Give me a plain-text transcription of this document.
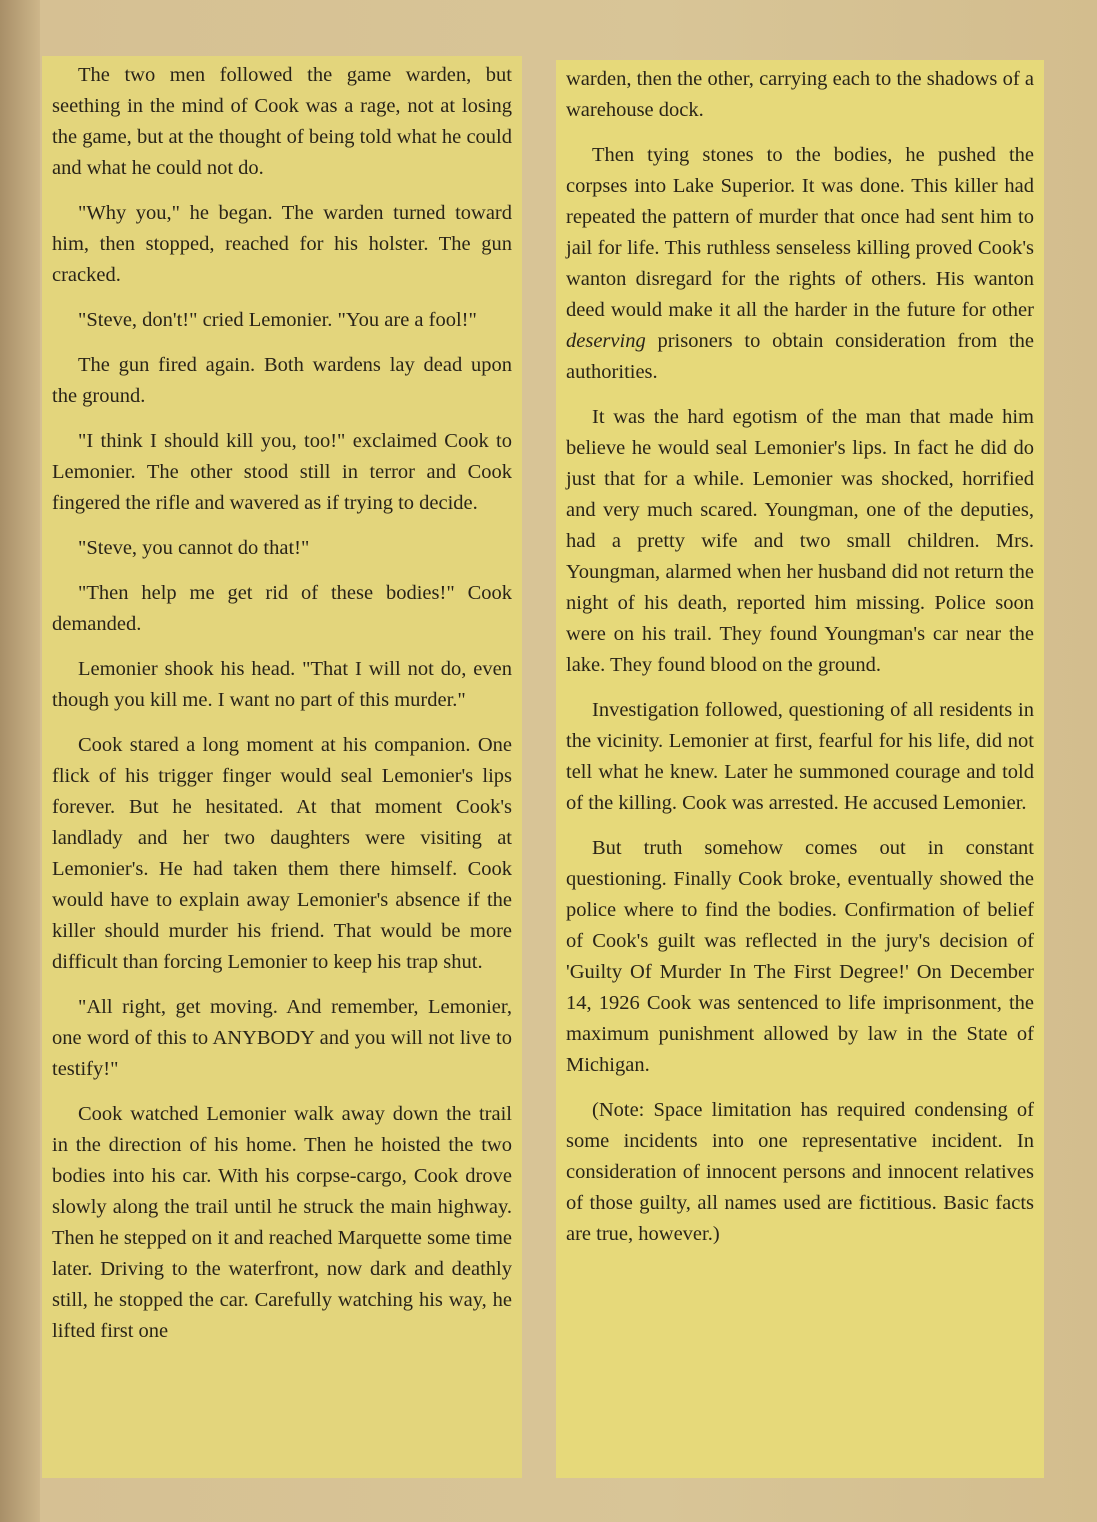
The two men followed the game warden, but seething in the mind of Cook was a rage, not at losing the game, but at the thought of being told what he could and what he could not do.

"Why you," he began. The warden turned toward him, then stopped, reached for his holster. The gun cracked.

"Steve, don't!" cried Lemonier. "You are a fool!"

The gun fired again. Both wardens lay dead upon the ground.

"I think I should kill you, too!" exclaimed Cook to Lemonier. The other stood still in terror and Cook fingered the rifle and wavered as if trying to decide.

"Steve, you cannot do that!"

"Then help me get rid of these bodies!" Cook demanded.

Lemonier shook his head. "That I will not do, even though you kill me. I want no part of this murder."

Cook stared a long moment at his companion. One flick of his trigger finger would seal Lemonier's lips forever. But he hesitated. At that moment Cook's landlady and her two daughters were visiting at Lemonier's. He had taken them there himself. Cook would have to explain away Lemonier's absence if the killer should murder his friend. That would be more difficult than forcing Lemonier to keep his trap shut.

"All right, get moving. And remember, Lemonier, one word of this to ANYBODY and you will not live to testify!"

Cook watched Lemonier walk away down the trail in the direction of his home. Then he hoisted the two bodies into his car. With his corpse-cargo, Cook drove slowly along the trail until he struck the main highway. Then he stepped on it and reached Marquette some time later. Driving to the waterfront, now dark and deathly still, he stopped the car. Carefully watching his way, he lifted first one

warden, then the other, carrying each to the shadows of a warehouse dock.

Then tying stones to the bodies, he pushed the corpses into Lake Superior. It was done. This killer had repeated the pattern of murder that once had sent him to jail for life. This ruthless senseless killing proved Cook's wanton disregard for the rights of others. His wanton deed would make it all the harder in the future for other deserving prisoners to obtain consideration from the authorities.

It was the hard egotism of the man that made him believe he would seal Lemonier's lips. In fact he did do just that for a while. Lemonier was shocked, horrified and very much scared. Youngman, one of the deputies, had a pretty wife and two small children. Mrs. Youngman, alarmed when her husband did not return the night of his death, reported him missing. Police soon were on his trail. They found Youngman's car near the lake. They found blood on the ground.

Investigation followed, questioning of all residents in the vicinity. Lemonier at first, fearful for his life, did not tell what he knew. Later he summoned courage and told of the killing. Cook was arrested. He accused Lemonier.

But truth somehow comes out in constant questioning. Finally Cook broke, eventually showed the police where to find the bodies. Confirmation of belief of Cook's guilt was reflected in the jury's decision of 'Guilty Of Murder In The First Degree!' On December 14, 1926 Cook was sentenced to life imprisonment, the maximum punishment allowed by law in the State of Michigan.

(Note: Space limitation has required condensing of some incidents into one representative incident. In consideration of innocent persons and innocent relatives of those guilty, all names used are fictitious. Basic facts are true, however.)
